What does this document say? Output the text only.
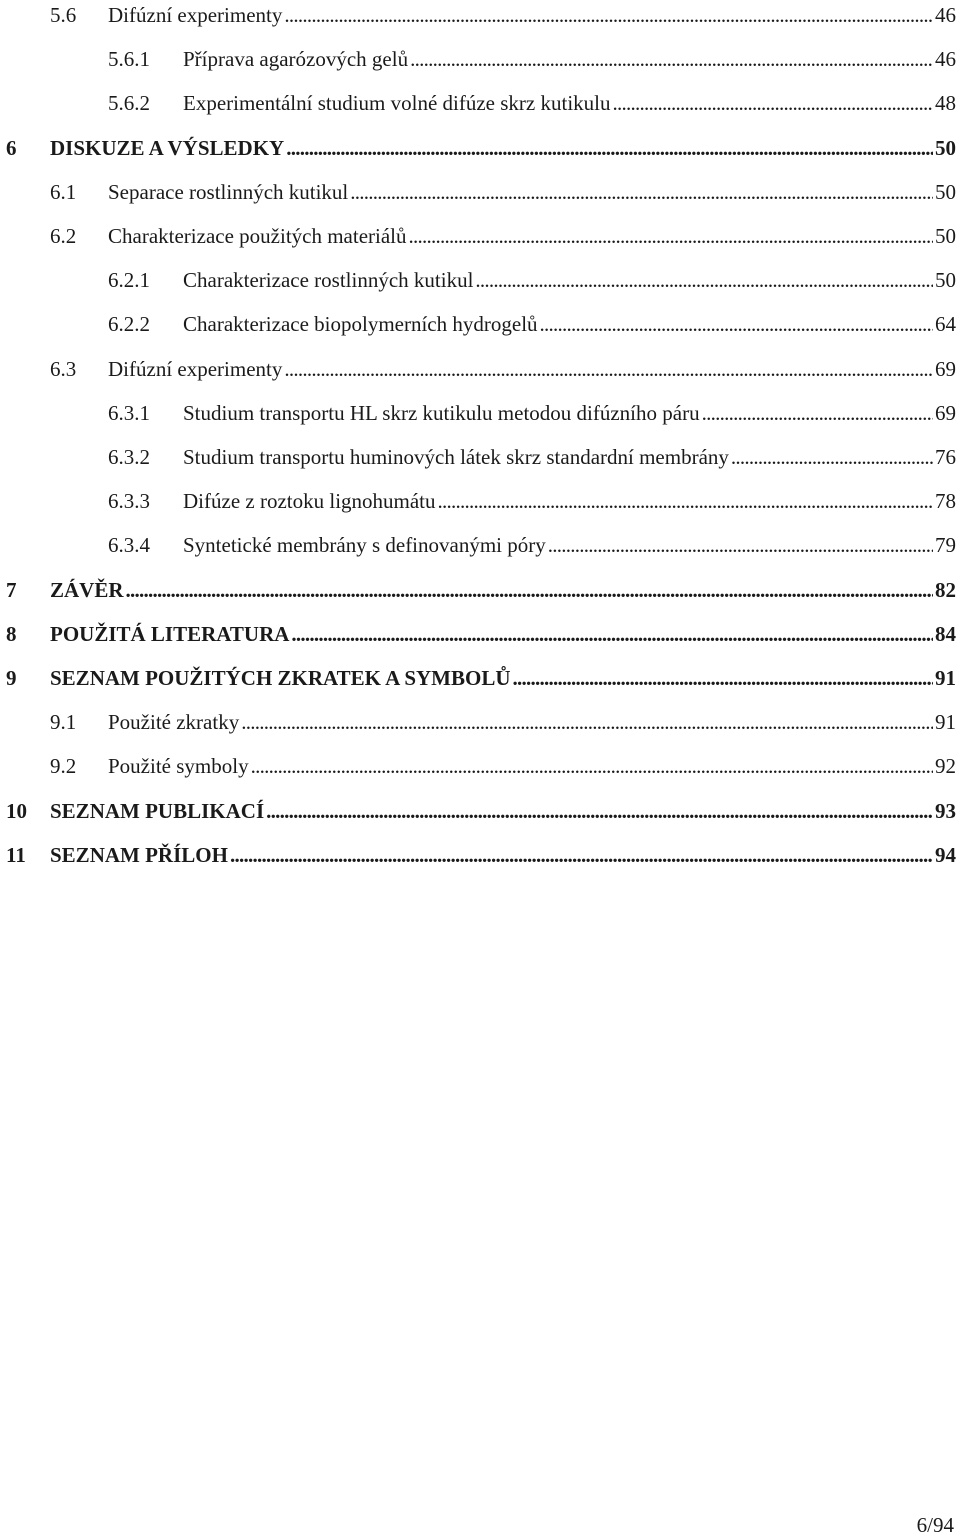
5.6 Difúzní experimenty . . .	46
5.6.1 Příprava agarózových gelů . . .	46
5.6.2 Experimentální studium volné difúze skrz kutikulu . . .	48
6 DISKUZE A VÝSLEDKY . . .	50
6.1 Separace rostlinných kutikul . . .	50
6.2 Charakterizace použitých materiálů . . .	50
6.2.1 Charakterizace rostlinných kutikul . . .	50
6.2.2 Charakterizace biopolymerních hydrogelů . . .	64
6.3 Difúzní experimenty . . .	69
6.3.1 Studium transportu HL skrz kutikulu metodou difúzního páru . . .	69
6.3.2 Studium transportu huminových látek skrz standardní membrány . . .	76
6.3.3 Difúze z roztoku lignohumátu . . .	78
6.3.4 Syntetické membrány s definovanými póry . . .	79
7 ZÁVĚR . . .	82
8 POUŽITÁ LITERATURA . . .	84
9 SEZNAM POUŽITÝCH ZKRATEK A SYMBOLŮ . . .	91
9.1 Použité zkratky . . .	91
9.2 Použité symboly . . .	92
10 SEZNAM PUBLIKACÍ . . .	93
11 SEZNAM PŘÍLOH . . .	94
6/94
